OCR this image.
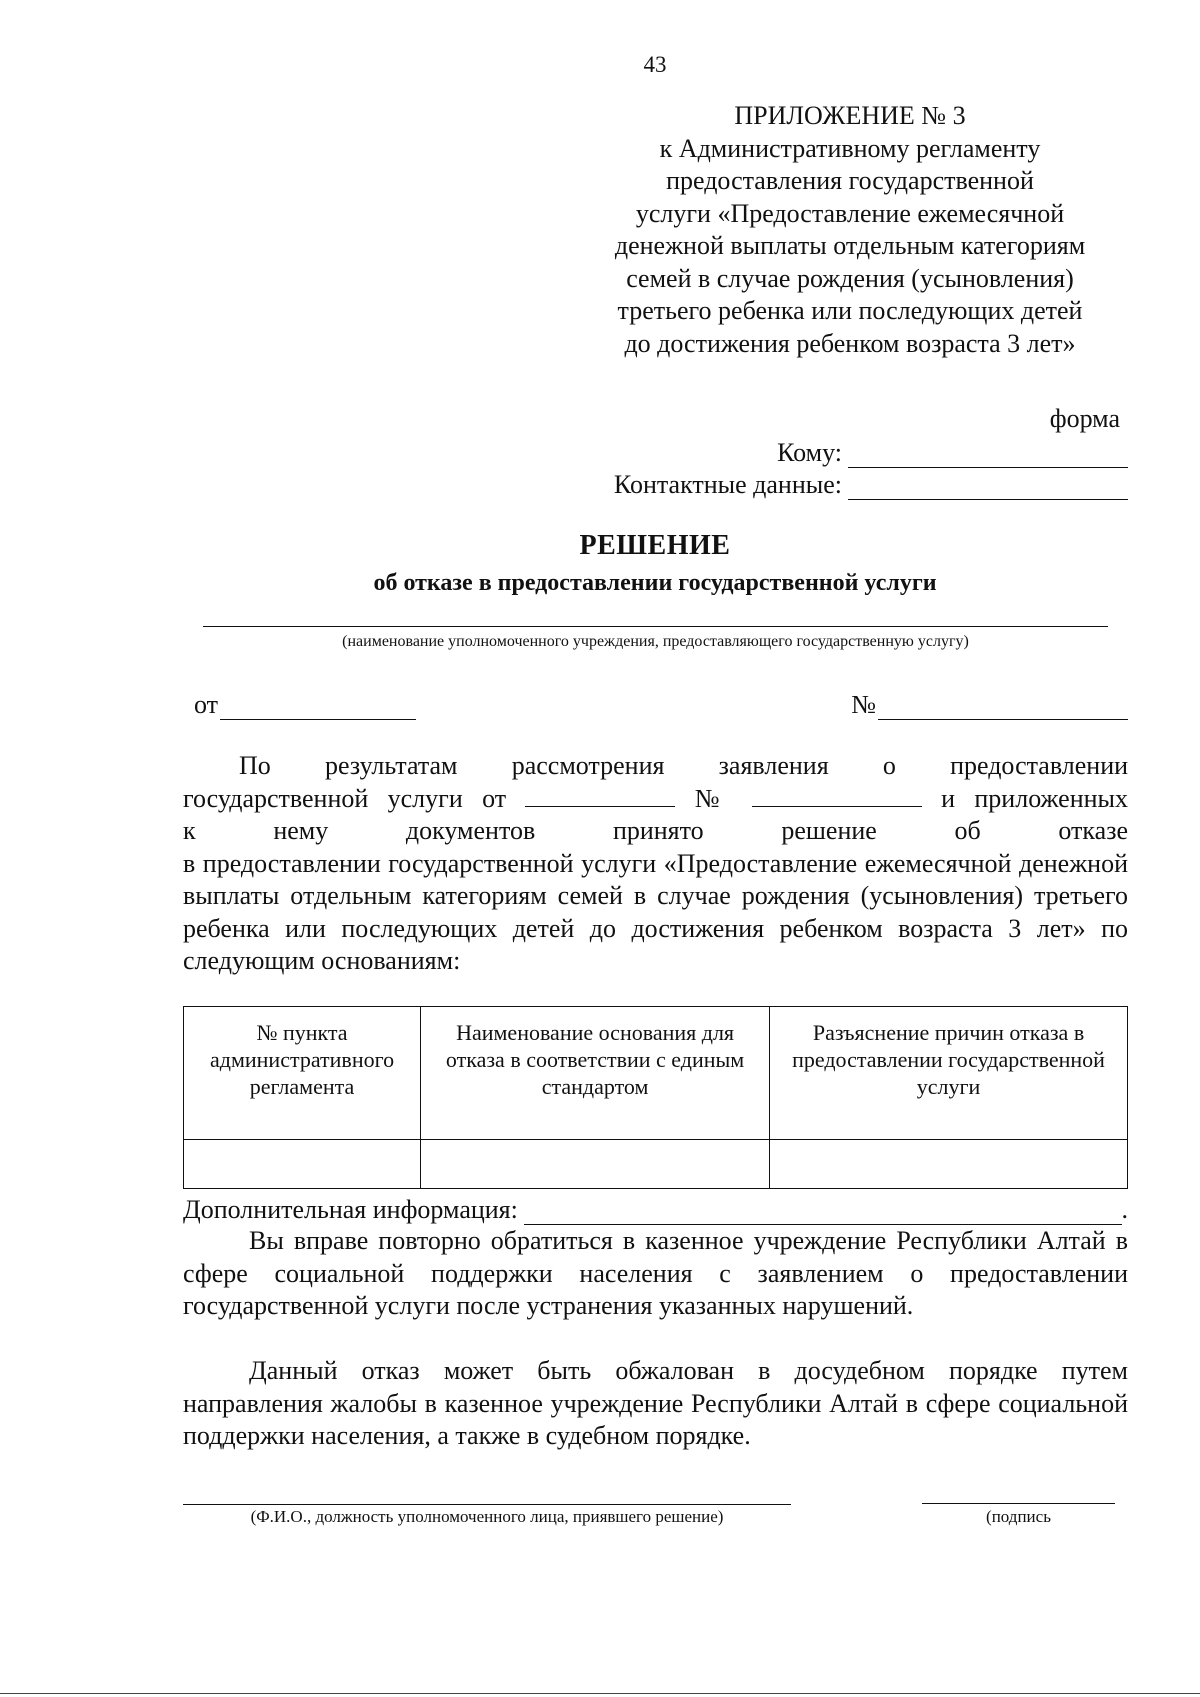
43
ПРИЛОЖЕНИЕ № 3
к Административному регламенту
предоставления государственной
услуги «Предоставление ежемесячной
денежной выплаты отдельным категориям
семей в случае рождения (усыновления)
третьего ребенка или последующих детей
до достижения ребенком возраста 3 лет»
форма
Кому:
Контактные данные:
РЕШЕНИЕ
об отказе в предоставлении государственной услуги
(наименование уполномоченного учреждения, предоставляющего государственную услугу)
от	№
По результатам рассмотрения заявления о предоставлении
государственной услуги от	№	и приложенных
к	нему	документов	принято	решение	об	отказе
в предоставлении государственной услуги «Предоставление ежемесячной денежной выплаты отдельным категориям семей в случае рождения (усыновления) третьего ребенка или последующих детей до достижения ребенком возраста 3 лет» по следующим основаниям:
№ пункта административного регламента	Наименование основания для отказа в соответствии с единым стандартом	Разъяснение причин отказа в предоставлении государственной услуги

Дополнительная информация:	.
Вы вправе повторно обратиться в казенное учреждение Республики Алтай в сфере социальной поддержки населения с заявлением о предоставлении государственной услуги после устранения указанных нарушений.
Данный отказ может быть обжалован в досудебном порядке путем направления жалобы в казенное учреждение Республики Алтай в сфере социальной поддержки населения, а также в судебном порядке.
(Ф.И.О., должность уполномоченного лица, приявшего решение)	(подпись
